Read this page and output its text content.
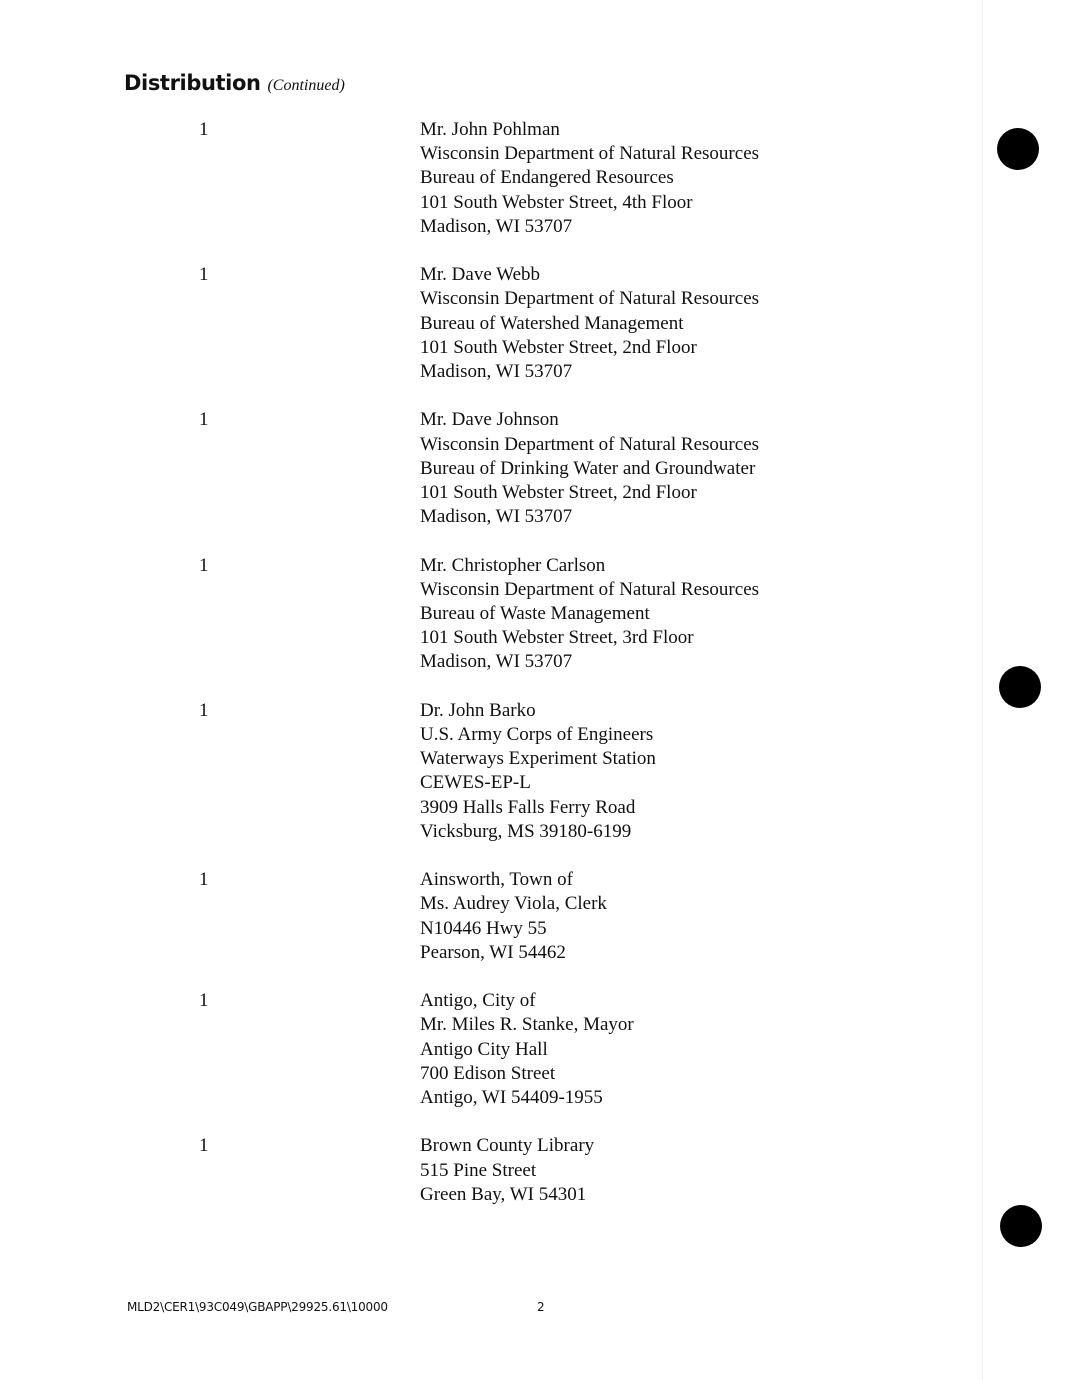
Distribution (Continued)
1	Mr. John Pohlman
Wisconsin Department of Natural Resources
Bureau of Endangered Resources
101 South Webster Street, 4th Floor
Madison, WI 53707
1	Mr. Dave Webb
Wisconsin Department of Natural Resources
Bureau of Watershed Management
101 South Webster Street, 2nd Floor
Madison, WI 53707
1	Mr. Dave Johnson
Wisconsin Department of Natural Resources
Bureau of Drinking Water and Groundwater
101 South Webster Street, 2nd Floor
Madison, WI 53707
1	Mr. Christopher Carlson
Wisconsin Department of Natural Resources
Bureau of Waste Management
101 South Webster Street, 3rd Floor
Madison, WI 53707
1	Dr. John Barko
U.S. Army Corps of Engineers
Waterways Experiment Station
CEWES-EP-L
3909 Halls Falls Ferry Road
Vicksburg, MS 39180-6199
1	Ainsworth, Town of
Ms. Audrey Viola, Clerk
N10446 Hwy 55
Pearson, WI 54462
1	Antigo, City of
Mr. Miles R. Stanke, Mayor
Antigo City Hall
700 Edison Street
Antigo, WI 54409-1955
1	Brown County Library
515 Pine Street
Green Bay, WI 54301
MLD2\CER1\93C049\GBAPP\29925.61\10000	2
